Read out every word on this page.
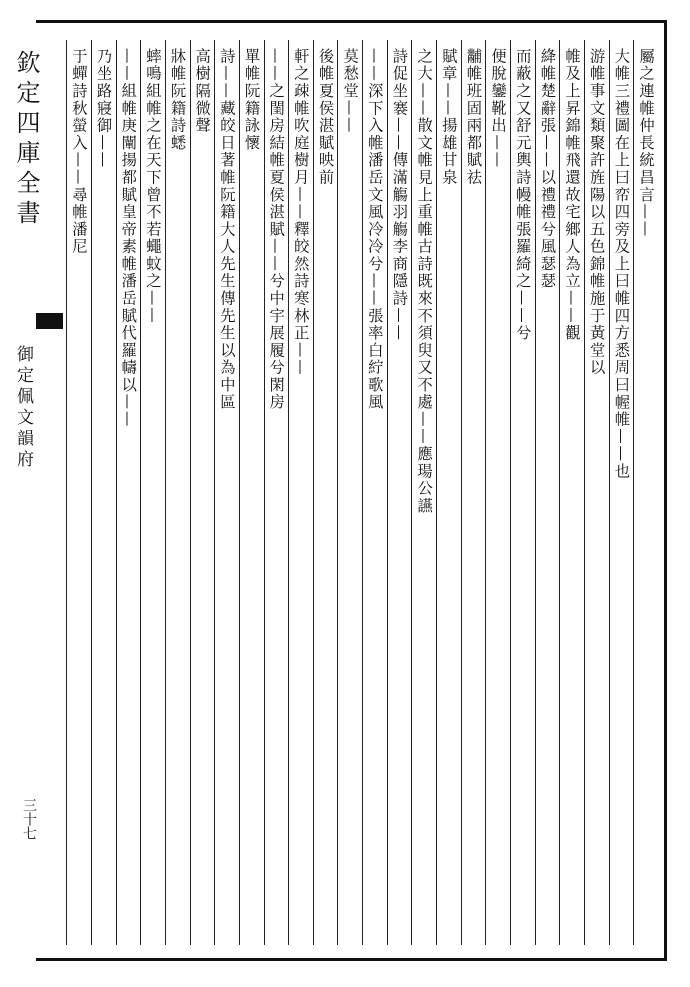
欽定四庫全書
御定佩文韻府
三十七
屬之連帷仲長統昌言——
大帷三禮圖在上曰帟四旁及上曰帷四方悉周曰幄帷——也
游帷事文類聚許旌陽以五色錦帷施于黃堂以
帷及上昇錦帷飛還故宅鄉人為立——觀
絳帷楚辭張——以禮禮兮風瑟瑟
而蔽之又舒元輿詩幔帷張羅綺之——兮
便脫鑾靴出——
黼帷班固兩都賦祛
賦章——揚雄甘泉
之大——散文帷見上重帷古詩既來不須臾又不處——應瑒公讌
詩促坐褰——傳滿觴羽觴李商隱詩——
——深下入帷潘岳文風冷冷兮——張率白紵歌風
莫愁堂——
後帷夏侯湛賦映前
軒之疎帷吹庭樹月——釋皎然詩寒林正——
——之閨房結帷夏侯湛賦——兮中宇展履兮閑房
單帷阮籍詠懷
詩——藏皎日著帷阮籍大人先生傳先生以為中區
高樹隔微聲
牀帷阮籍詩蟋
蟀鳴組帷之在天下曾不若蠅蚊之——
——組帷庚闡揚都賦皇帝素帷潘岳賦代羅幬以——
乃坐路寢御——
于蟬詩秋螢入——尋帷潘尼
